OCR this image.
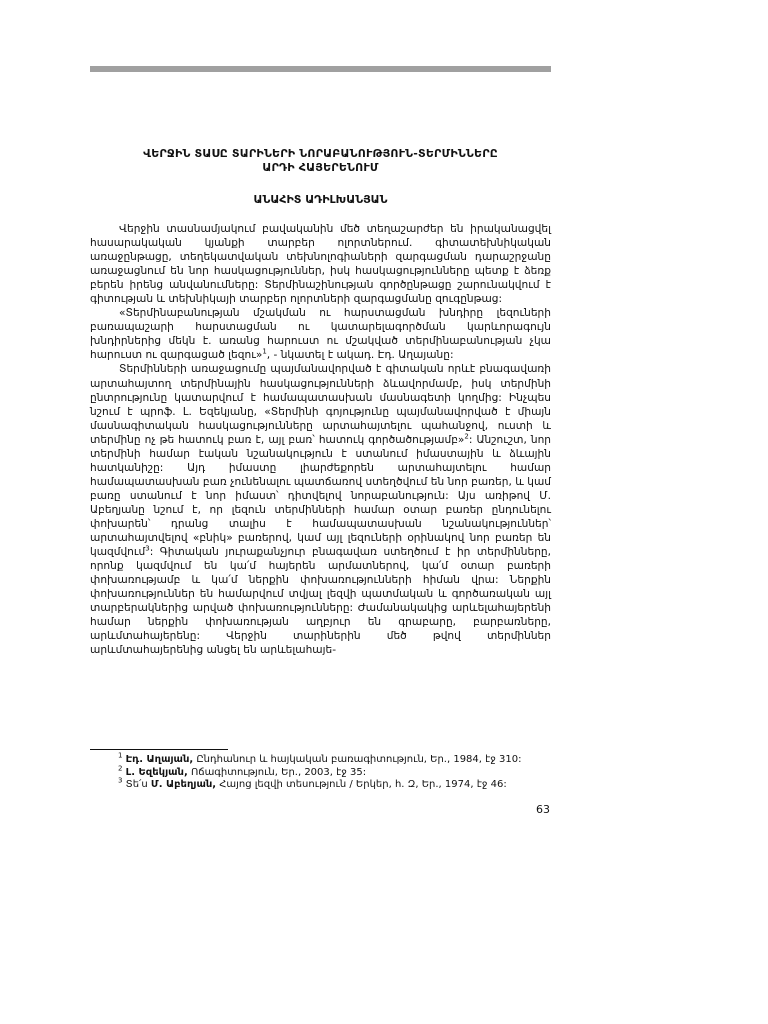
ՎԵՐՋԻՆ ՏԱՍԸ ՏԱՐԻՆԵՐԻ ՆՈՐԱԲԱՆՈՒԹՅՈՒՆ-ՏԵՐՄԻՆՆԵՐԸ
ԱՐԴԻ ՀԱՅԵՐԵՆՈՒՄ
ԱՆԱՀԻՏ ԱԴԻԼԽԱՆՅԱՆ

Վերջին տասնամյակում բավականին մեծ տեղաշարժեր են իրականացվել հասարակական կյանքի տարբեր ոլորտներում. գիտատեխնիկական առաջընթացը, տեղեկատվական տեխնոլոգիաների զարգացման դարաշրջանը առաջացնում են նոր հասկացություններ, իսկ հասկացությունները պետք է ձեռք բերեն իրենց անվանումները: Տերմինաշինության գործընթացը շարունակվում է գիտության և տեխնիկայի տարբեր ոլորտների զարգացմանը զուգընթաց:

«Տերմինաբանության մշակման ու հարստացման խնդիրը լեզուների բառապաշարի հարստացման ու կատարելագործման կարևորագույն խնդիրներից մեկն է. առանց հարուստ ու մշակված տերմինաբանության չկա հարուստ ու զարգացած լեզու»$^1$, - նկատել է ակադ. Էդ. Աղայանը:

Տերմինների առաջացումը պայմանավորված է գիտական որևէ բնագավառի արտահայտող տերմինային հասկացությունների ձևավորմամբ, իսկ տերմինի ընտրությունը կատարվում է համապատասխան մասնագետի կողմից: Ինչպես նշում է պրոֆ. Լ. Եզեկյանը, «Տերմինի գոյությունը պայմանավորված է միայն մասնագիտական հասկացությունները արտահայտելու պահանջով, ուստի և տերմինը ոչ թե հատուկ բառ է, այլ բառ՝ հատուկ գործածությամբ»$^2$: Անշուշտ, նոր տերմինի համար էական նշանակություն է ստանում իմաստային և ձևային հատկանիշը: Այդ իմաստը լիարժեքորեն արտահայտելու համար համապատասխան բառ չունենալու պատճառով ստեղծվում են նոր բառեր, և կամ բառը ստանում է նոր իմաստ՝ դիտվելով նորաբանություն: Այս առիթով Մ. Աբեղյանը նշում է, որ լեզուն տերմինների համար օտար բառեր ընդունելու փոխարեն՝ դրանց տալիս է համապատասխան նշանակություններ՝ արտահայտվելով «բնիկ» բառերով, կամ այլ լեզուների օրինակով նոր բառեր են կազմվում$^3$: Գիտական յուրաքանչյուր բնագավառ ստեղծում է իր տերմինները, որոնք կազմվում են կա՛մ հայերեն արմատներով, կա՛մ օտար բառերի փոխառությամբ և կա՛մ ներքին փոխառությունների հիման վրա: Ներքին փոխառություններ են համարվում տվյալ լեզվի պատմական և գործառական այլ տարբերակներից արված փոխառությունները: Ժամանակակից արևելահայերենի համար ներքին փոխառության աղբյուր են գրաբարը, բարբառները, արևմտահայերենը: Վերջին տարիներին մեծ թվով տերմիններ արևմտահայերենից անցել են արևելահայե-

$^1$ Էդ. Աղայան, Ընդհանուր և հայկական բառագիտություն, Եր., 1984, էջ 310:
$^2$ Լ. Եզեկյան, Ոճագիտություն, Եր., 2003, էջ 35:
$^3$ Տե՛ս Մ. Աբեղյան, Հայոց լեզվի տեսություն / Երկեր, հ. Զ, Եր., 1974, էջ 46:
63
